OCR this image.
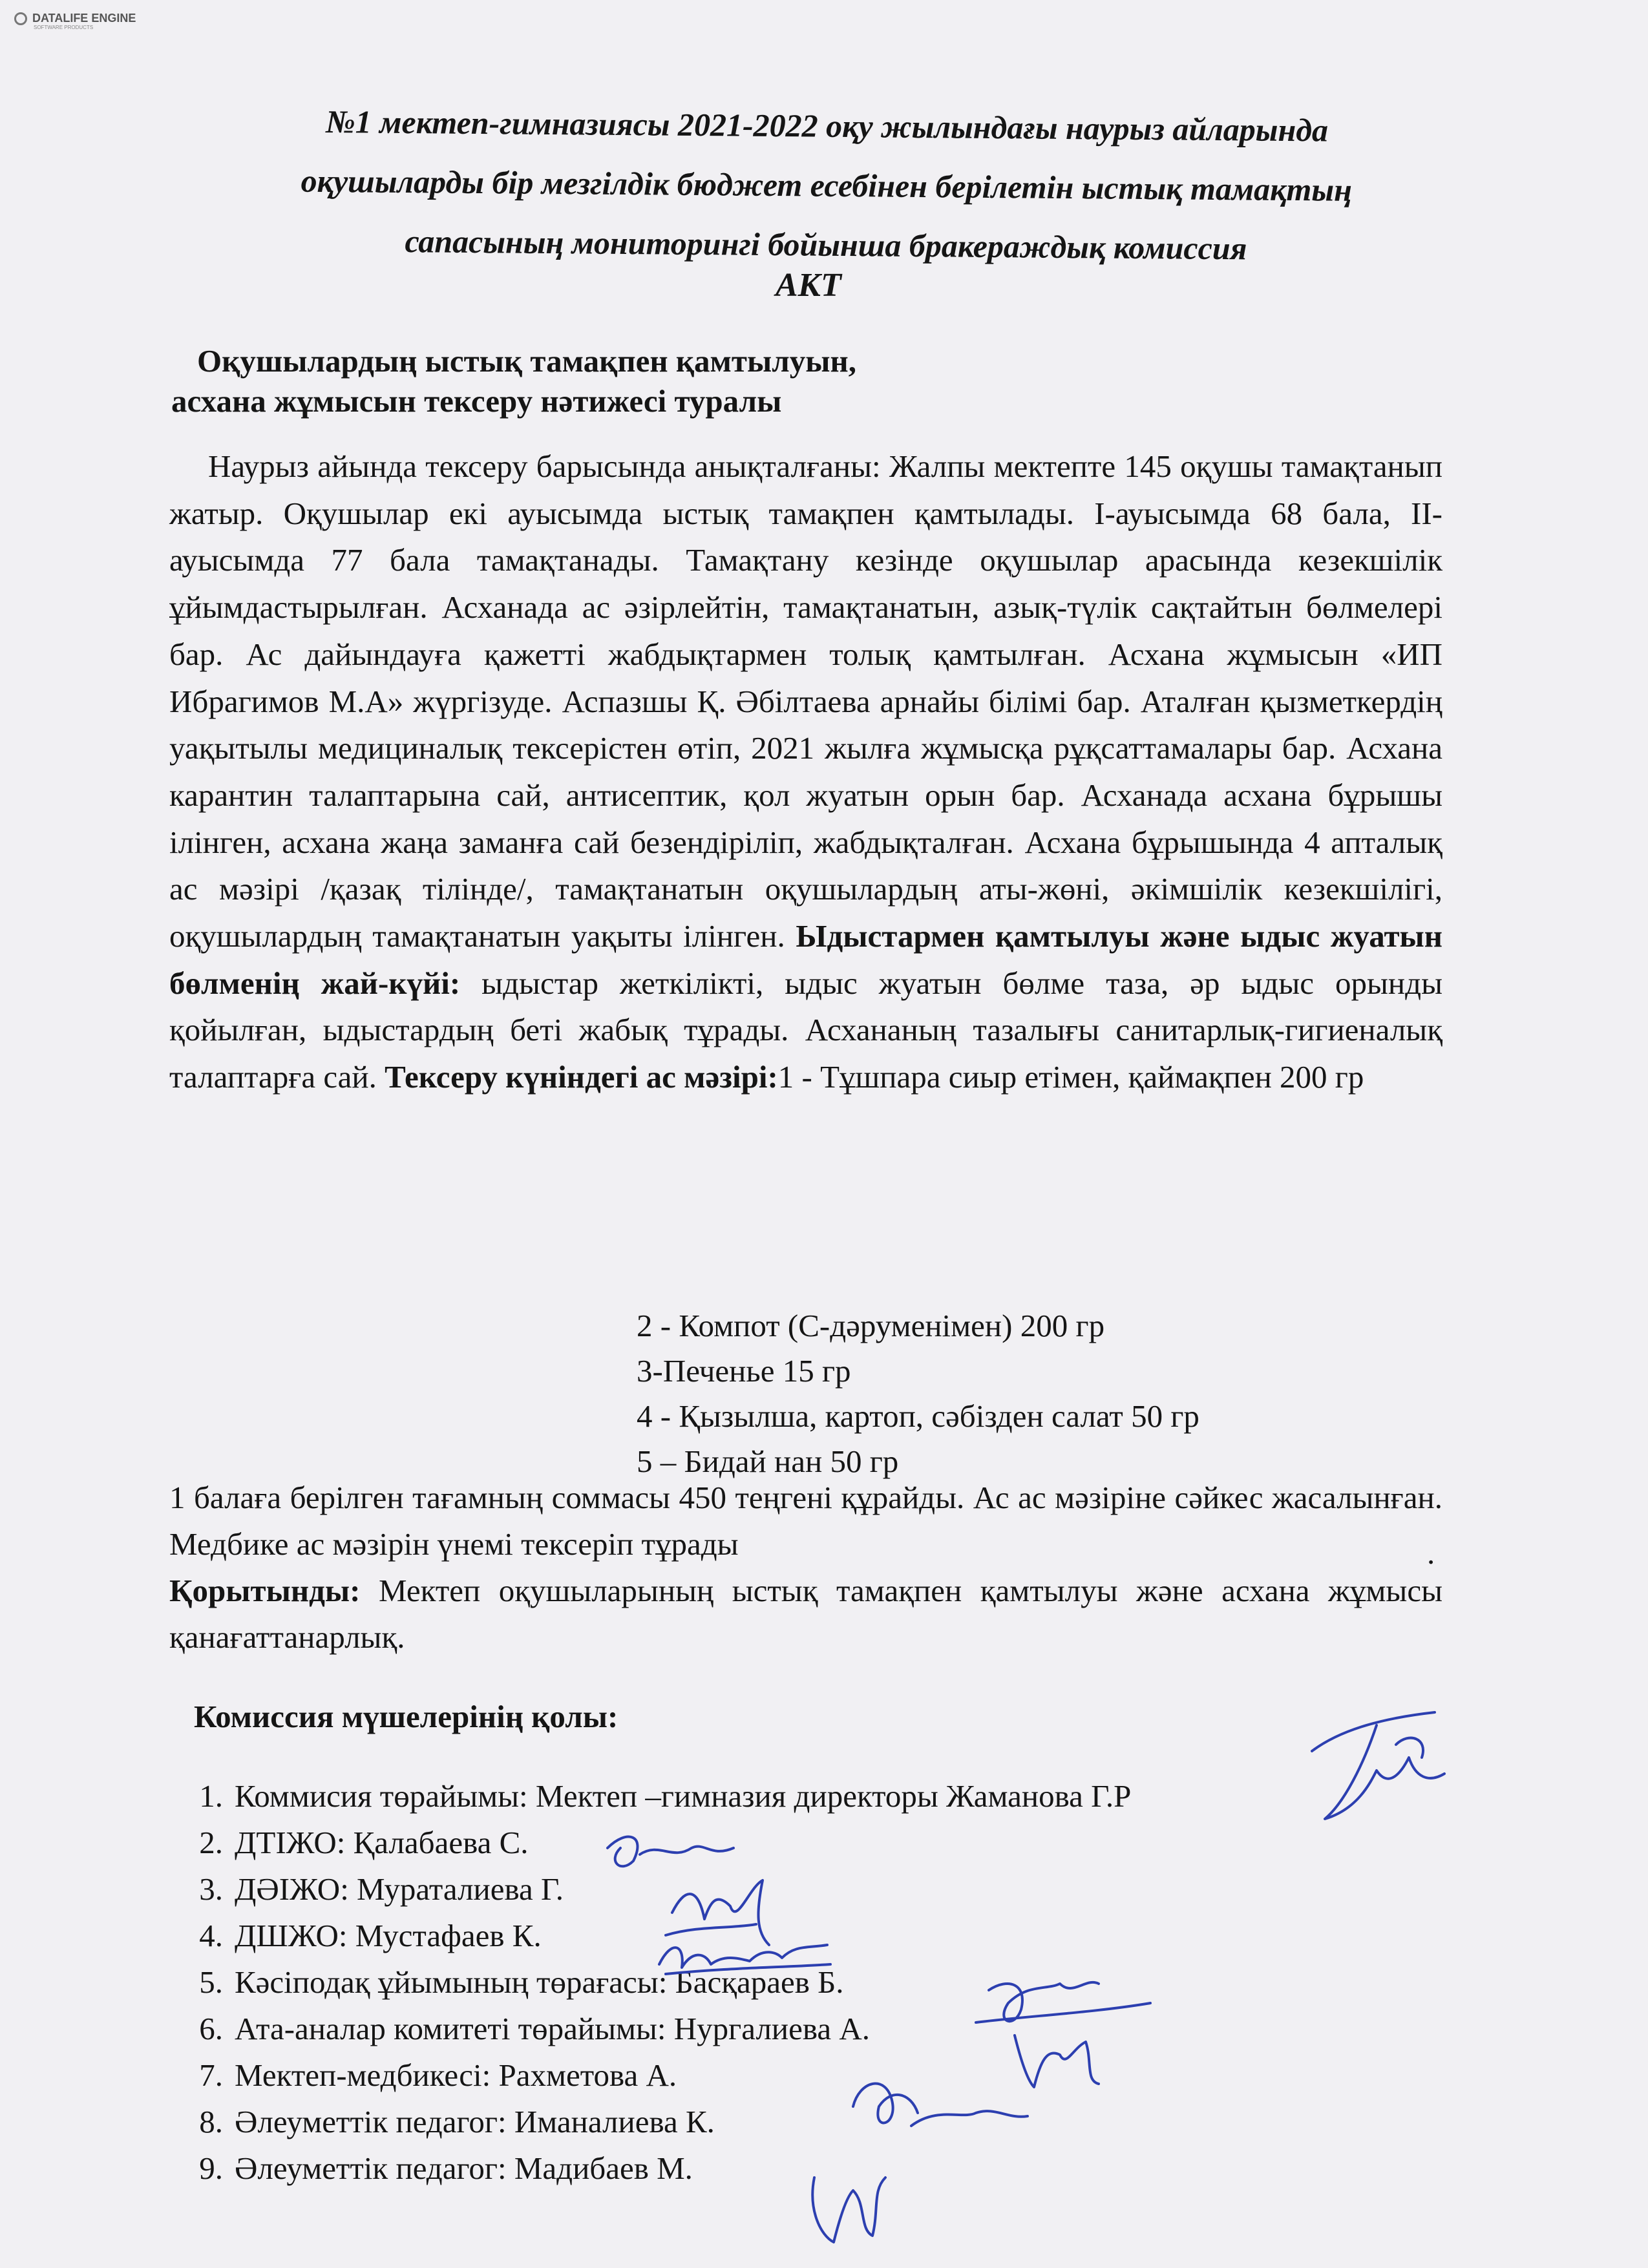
DATALIFE ENGINE
SOFTWARE PRODUCTS
№1 мектеп-гимназиясы 2021-2022 оқу жылындағы наурыз айларында
оқушыларды бір мезгілдік бюджет есебінен берілетін ыстық тамақтың
сапасының мониторингі бойынша бракераждық комиссия
АКТ
Оқушылардың ыстық тамақпен қамтылуын,
асхана жұмысын тексеру нәтижесі туралы

Наурыз айында тексеру барысында анықталғаны: Жалпы мектепте 145 оқушы тамақтанып жатыр. Оқушылар екі ауысымда ыстық тамақпен қамтылады. І-ауысымда 68 бала, ІІ-ауысымда 77 бала тамақтанады. Тамақтану кезінде оқушылар арасында кезекшілік ұйымдастырылған. Асханада ас әзірлейтін, тамақтанатын, азық-түлік сақтайтын бөлмелері бар. Ас дайындауға қажетті жабдықтармен толық қамтылған. Асхана жұмысын «ИП Ибрагимов М.А» жүргізуде. Аспазшы Қ. Әбілтаева арнайы білімі бар. Аталған қызметкердің уақытылы медициналық тексерістен өтіп, 2021 жылға жұмысқа рұқсаттамалары бар. Асхана карантин талаптарына сай, антисептик, қол жуатын орын бар. Асханада асхана бұрышы ілінген, асхана жаңа заманға сай безендіріліп, жабдықталған. Асхана бұрышында 4 апталық ас мәзірі /қазақ тілінде/, тамақтанатын оқушылардың аты-жөні, әкімшілік кезекшілігі, оқушылардың тамақтанатын уақыты ілінген. Ыдыстармен қамтылуы және ыдыс жуатын бөлменің жай-күйі: ыдыстар жеткілікті, ыдыс жуатын бөлме таза, әр ыдыс орынды қойылған, ыдыстардың беті жабық тұрады. Асхананың тазалығы санитарлық-гигиеналық талаптарға сай. Тексеру күніндегі ас мәзірі:1 - Тұшпара сиыр етімен, қаймақпен 200 гр

2 - Компот (С-дәруменімен) 200 гр
3-Печенье 15 гр
4 - Қызылша, картоп, сәбізден салат 50 гр
5 – Бидай нан 50 гр

1 балаға берілген тағамның соммасы 450 теңгені құрайды. Ас ас мәзіріне сәйкес жасалынған. Медбике ас мәзірін үнемі тексеріп тұрады

Қорытынды: Мектеп оқушыларының ыстық тамақпен қамтылуы және асхана жұмысы қанағаттанарлық.

.
Комиссия мүшелерінің қолы:
1. Коммисия төрайымы: Мектеп –гимназия директоры Жаманова Г.Р
2. ДТІЖО: Қалабаева С.
3. ДӘІЖО: Мураталиева Г.
4. ДШЖО: Мустафаев К.
5. Кәсіподақ ұйымының төрағасы: Басқараев Б.
6. Ата-аналар комитеті төрайымы: Нургалиева А.
7. Мектеп-медбикесі: Рахметова А.
8. Әлеуметтік педагог: Иманалиева К.
9. Әлеуметтік педагог: Мадибаев М.
